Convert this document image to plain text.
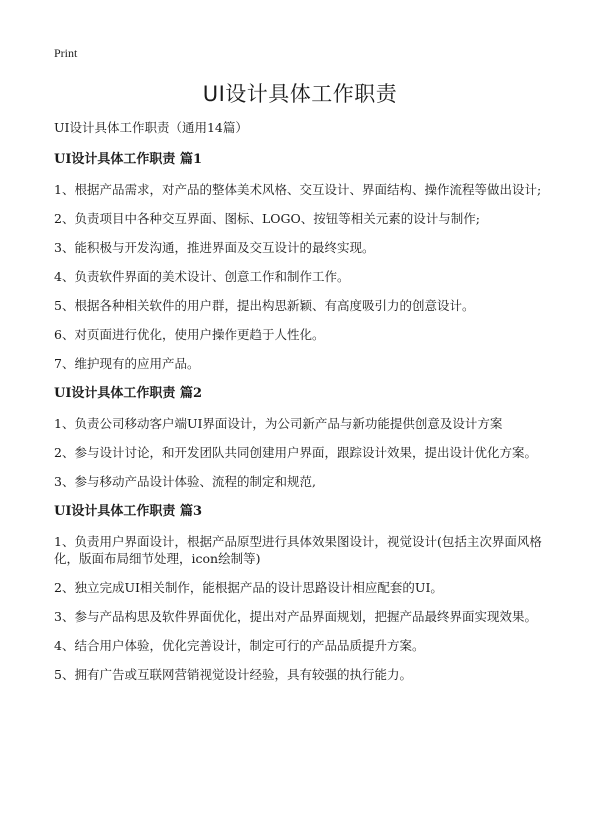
Print
UI设计具体工作职责
UI设计具体工作职责（通用14篇）
UI设计具体工作职责 篇1
1、根据产品需求，对产品的整体美术风格、交互设计、界面结构、操作流程等做出设计;
2、负责项目中各种交互界面、图标、LOGO、按钮等相关元素的设计与制作;
3、能积极与开发沟通，推进界面及交互设计的最终实现。
4、负责软件界面的美术设计、创意工作和制作工作。
5、根据各种相关软件的用户群，提出构思新颖、有高度吸引力的创意设计。
6、对页面进行优化，使用户操作更趋于人性化。
7、维护现有的应用产品。
UI设计具体工作职责 篇2
1、负责公司移动客户端UI界面设计，为公司新产品与新功能提供创意及设计方案
2、参与设计讨论，和开发团队共同创建用户界面，跟踪设计效果，提出设计优化方案。
3、参与移动产品设计体验、流程的制定和规范,
UI设计具体工作职责 篇3
1、负责用户界面设计，根据产品原型进行具体效果图设计，视觉设计(包括主次界面风格化，版面布局细节处理，icon绘制等)
2、独立完成UI相关制作，能根据产品的设计思路设计相应配套的UI。
3、参与产品构思及软件界面优化，提出对产品界面规划，把握产品最终界面实现效果。
4、结合用户体验，优化完善设计，制定可行的产品品质提升方案。
5、拥有广告或互联网营销视觉设计经验，具有较强的执行能力。
